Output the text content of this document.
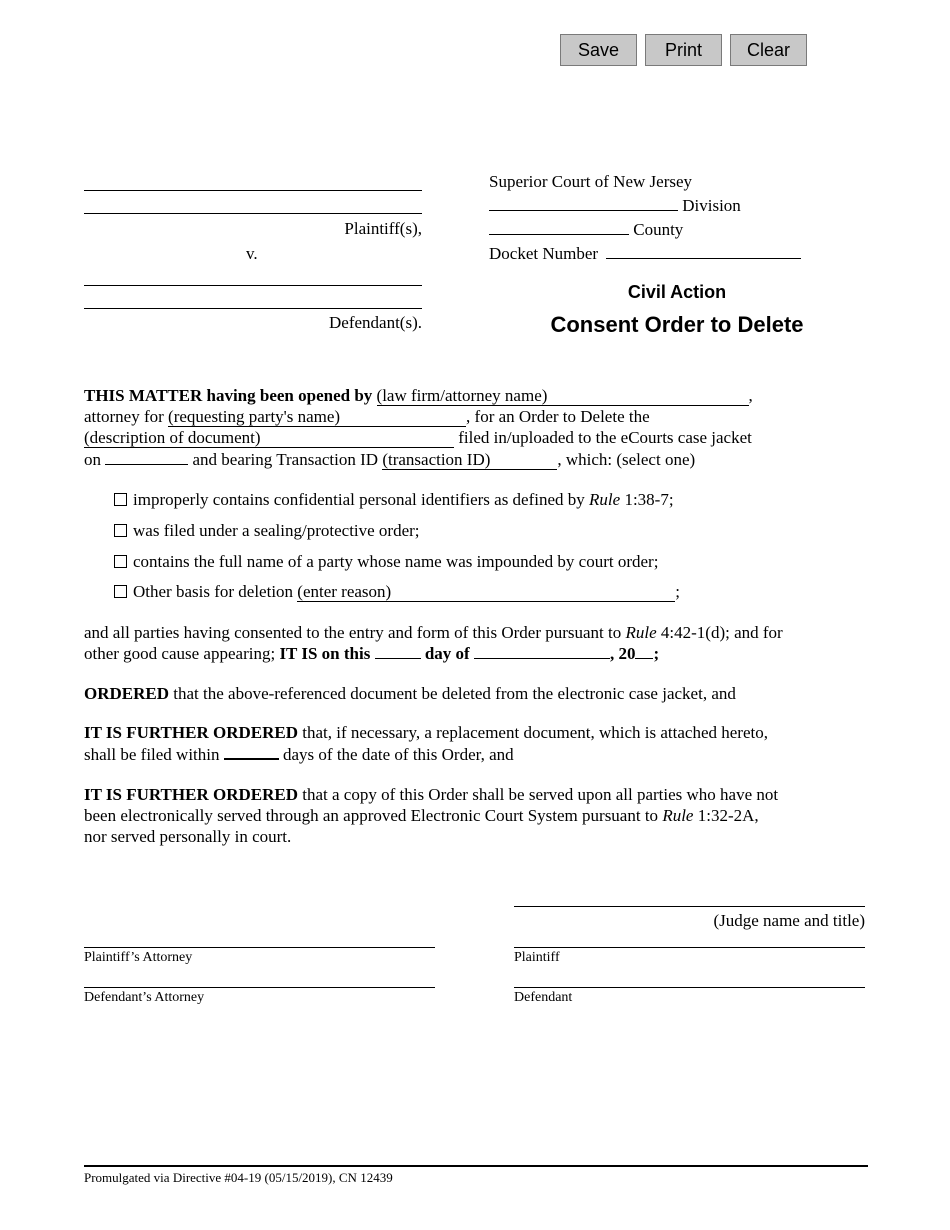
Save	Print	Clear
Plaintiff(s),
v.
Defendant(s).
Superior Court of New Jersey
Division
County
Docket Number
Civil Action
Consent Order to Delete
THIS MATTER having been opened by (law firm/attorney name)	,
attorney for (requesting party's name)	, for an Order to Delete the
(description of document)	filed in/uploaded to the eCourts case jacket
on	and bearing Transaction ID (transaction ID)	, which: (select one)
improperly contains confidential personal identifiers as defined by Rule 1:38-7;
was filed under a sealing/protective order;
contains the full name of a party whose name was impounded by court order;
Other basis for deletion (enter reason)	;
and all parties having consented to the entry and form of this Order pursuant to Rule 4:42-1(d); and for
other good cause appearing; IT IS on this	day of	, 20 ;
ORDERED that the above-referenced document be deleted from the electronic case jacket, and
IT IS FURTHER ORDERED that, if necessary, a replacement document, which is attached hereto,
shall be filed within	days of the date of this Order, and
IT IS FURTHER ORDERED that a copy of this Order shall be served upon all parties who have not
been electronically served through an approved Electronic Court System pursuant to Rule 1:32-2A,
nor served personally in court.
(Judge name and title)
Plaintiff’s Attorney	Plaintiff
Defendant’s Attorney	Defendant
Promulgated via Directive #04-19 (05/15/2019), CN 12439
